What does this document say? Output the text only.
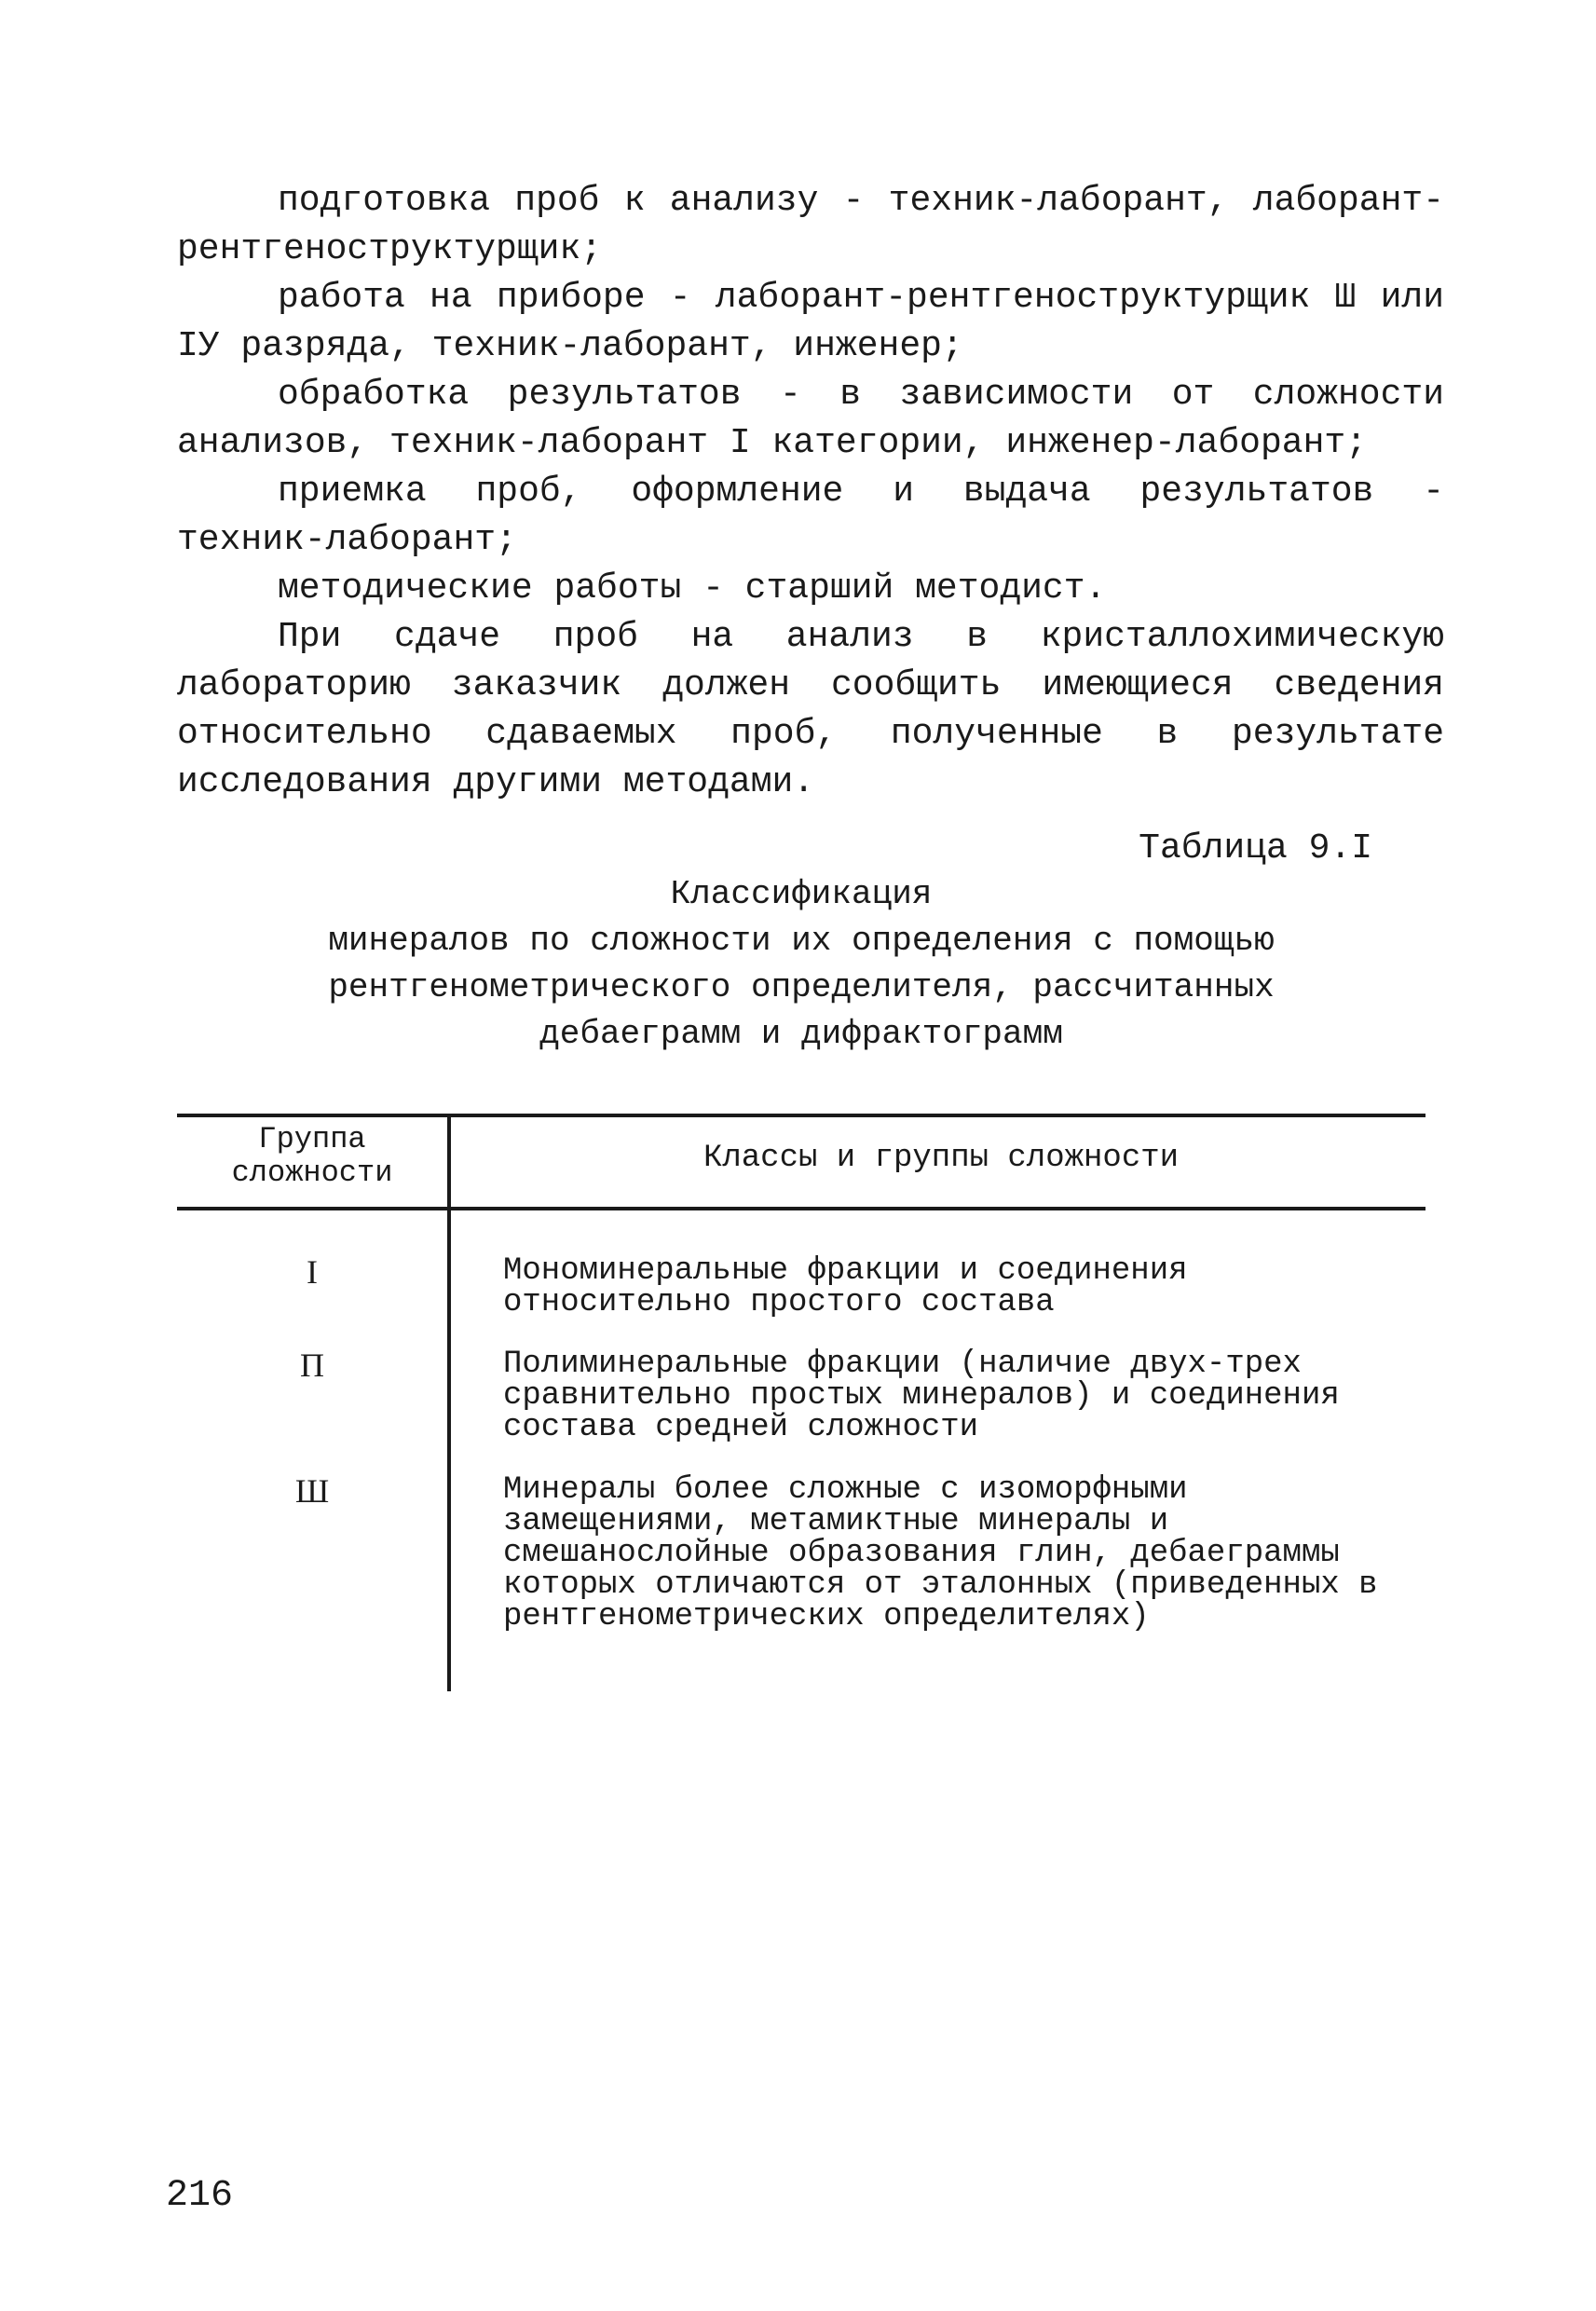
подготовка проб к анализу - техник-лаборант, лаборант-рентгеноструктурщик;

работа на приборе - лаборант-рентгеноструктурщик Ш или IУ разряда, техник-лаборант, инженер;

обработка результатов - в зависимости от сложности анализов, техник-лаборант I категории, инженер-лаборант;

приемка проб, оформление и выдача результатов - техник-лаборант;

методические работы - старший методист.

При сдаче проб на анализ в кристаллохимическую лабораторию заказчик должен сообщить имеющиеся сведения относительно сдаваемых проб, полученные в результате исследования другими методами.

Таблица 9.I
Классификация
минералов по сложности их определения с помощью
рентгенометрического определителя, рассчитанных
дебаеграмм и дифрактограмм
Группа сложности	Классы и группы сложности
I	Мономинеральные фракции и соединения относительно простого состава
П	Полиминеральные фракции (наличие двух-трех сравнительно простых минералов) и соединения состава средней сложности
Ш	Минералы более сложные с изоморфными замещениями, метамиктные минералы и смешанослойные образования глин, дебаеграммы которых отличаются от эталонных (приведенных в рентгенометрических определителях)
216
